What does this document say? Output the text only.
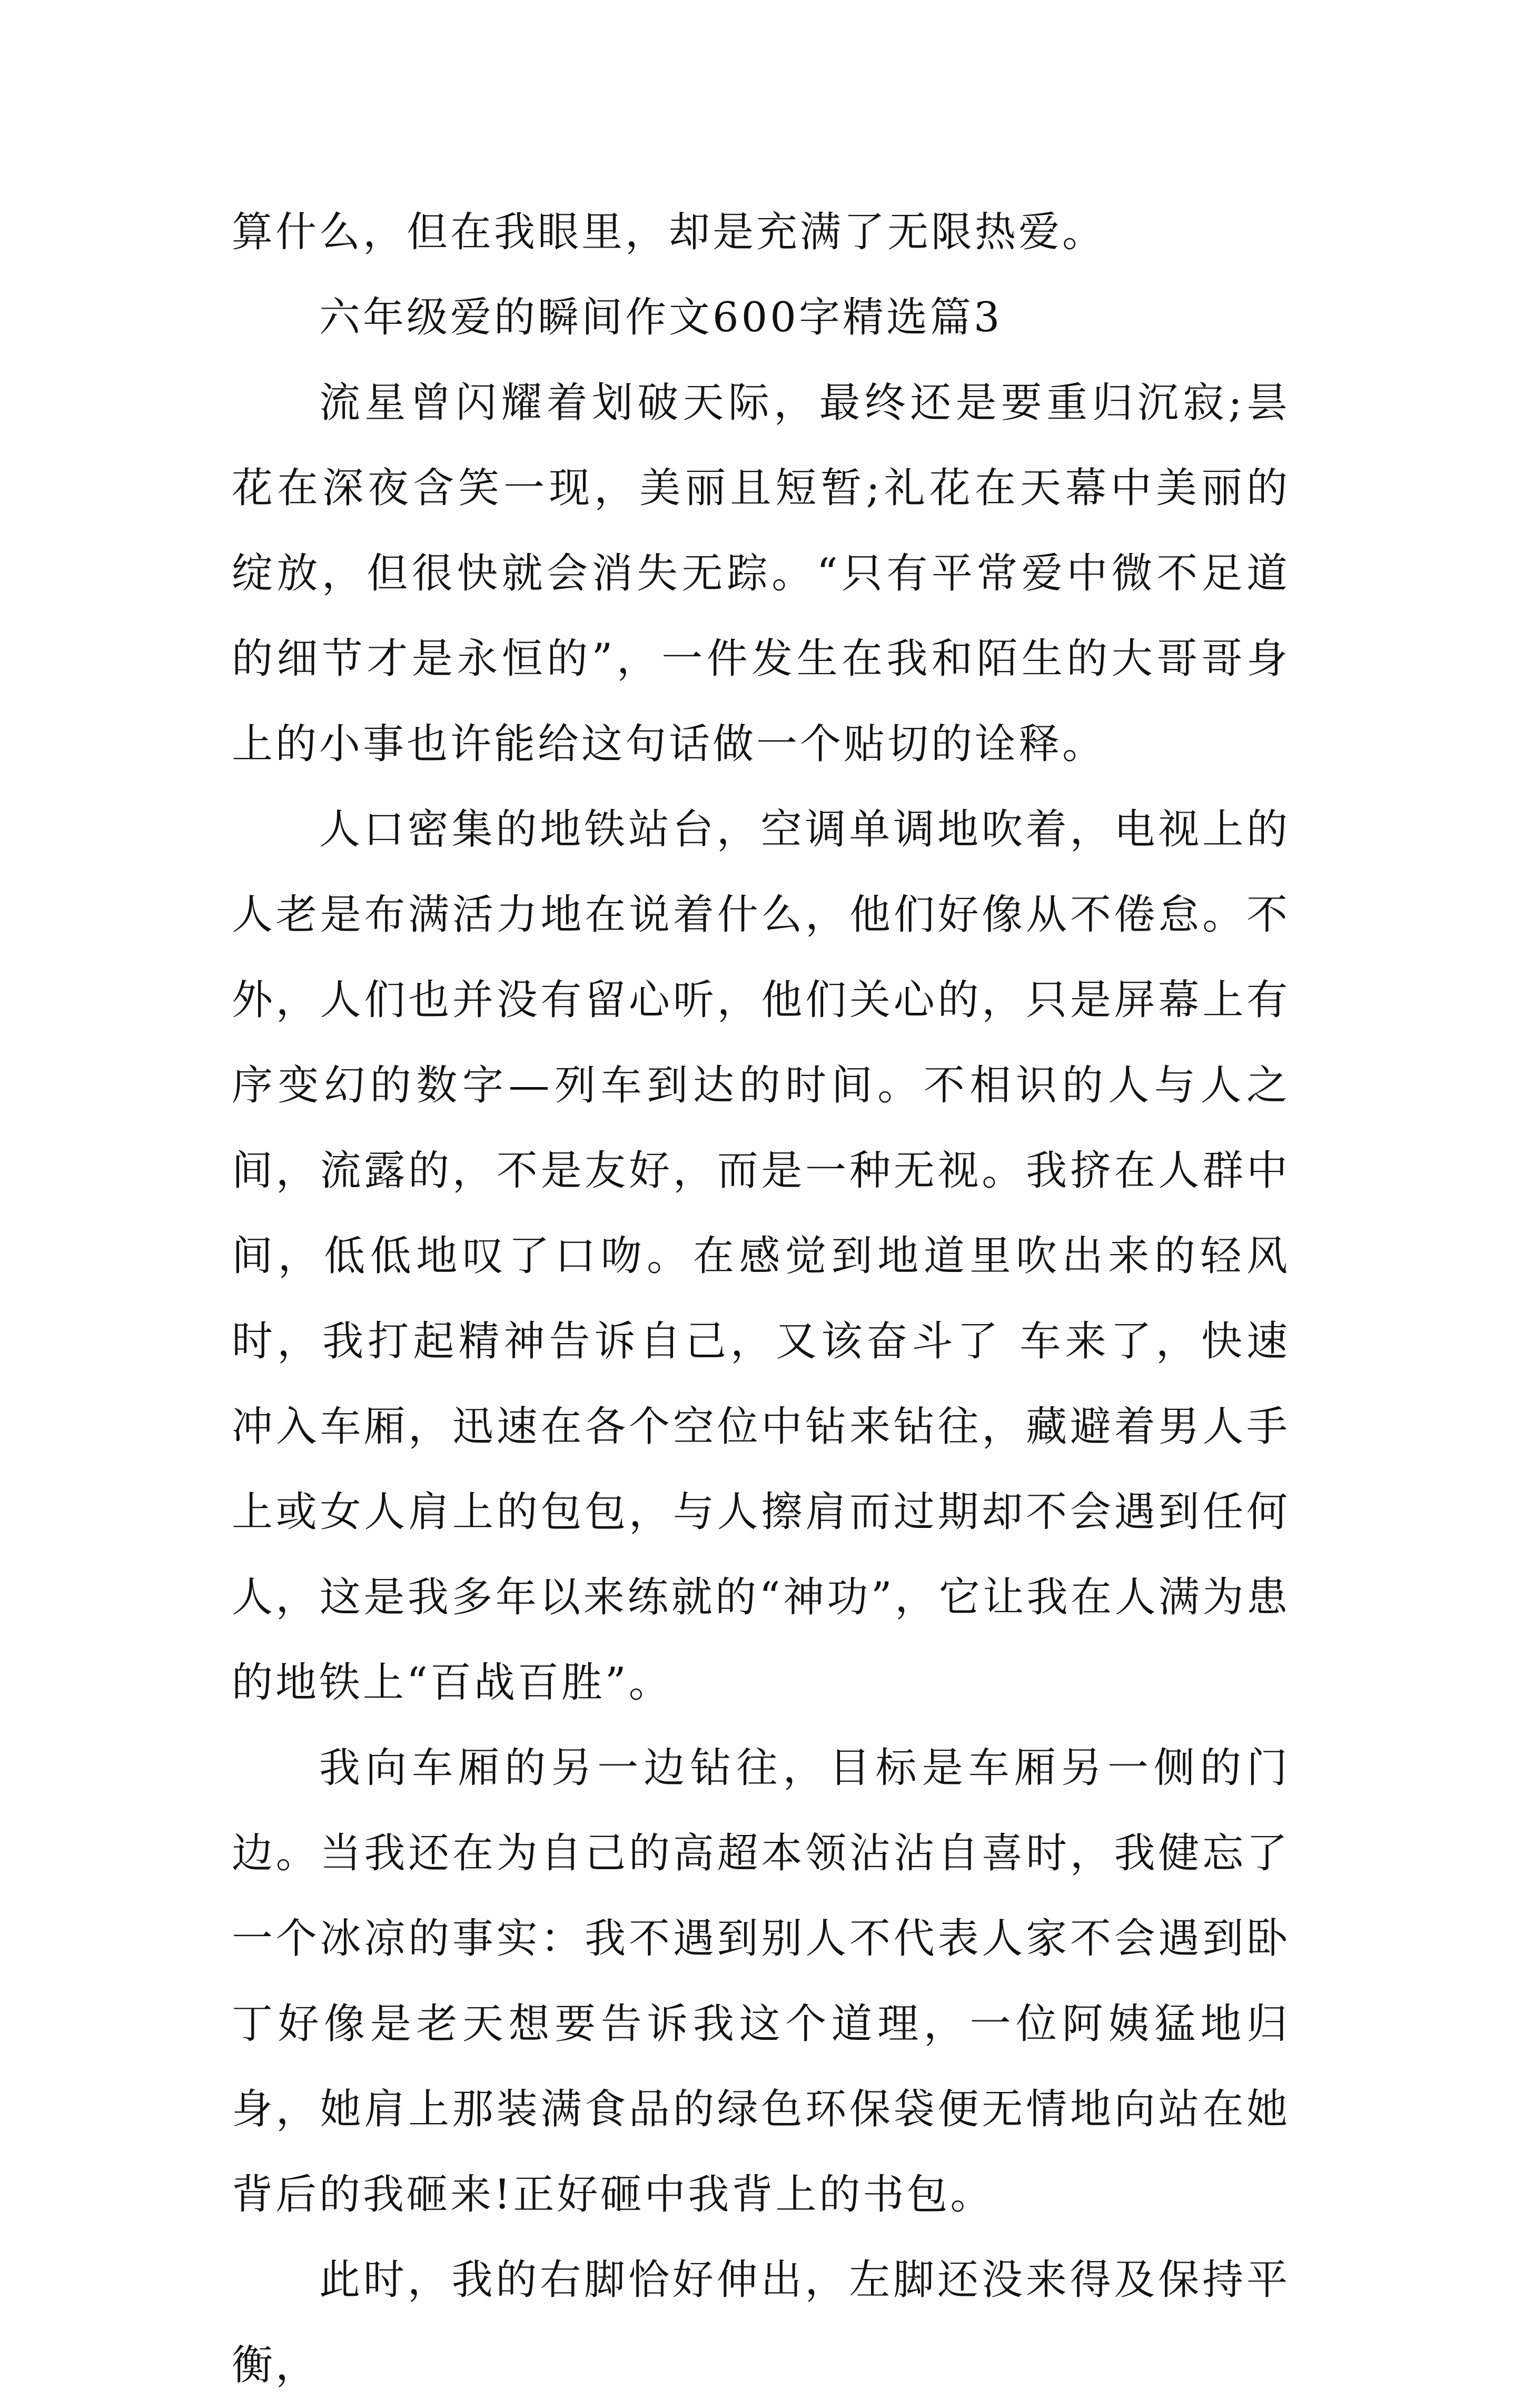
算什么，但在我眼里，却是充满了无限热爱。

六年级爱的瞬间作文600字精选篇3

流星曾闪耀着划破天际，最终还是要重归沉寂;昙花在深夜含笑一现，美丽且短暂;礼花在天幕中美丽的绽放，但很快就会消失无踪。“只有平常爱中微不足道的细节才是永恒的”，一件发生在我和陌生的大哥哥身上的小事也许能给这句话做一个贴切的诠释。

人口密集的地铁站台，空调单调地吹着，电视上的人老是布满活力地在说着什么，他们好像从不倦怠。不外，人们也并没有留心听，他们关心的，只是屏幕上有序变幻的数字—列车到达的时间。不相识的人与人之间，流露的，不是友好，而是一种无视。我挤在人群中间，低低地叹了口吻。在感觉到地道里吹出来的轻风时，我打起精神告诉自己，又该奋斗了 车来了，快速冲入车厢，迅速在各个空位中钻来钻往，藏避着男人手上或女人肩上的包包，与人擦肩而过期却不会遇到任何人，这是我多年以来练就的“神功”，它让我在人满为患的地铁上“百战百胜”。

我向车厢的另一边钻往，目标是车厢另一侧的门边。当我还在为自己的高超本领沾沾自喜时，我健忘了一个冰凉的事实：我不遇到别人不代表人家不会遇到卧丁好像是老天想要告诉我这个道理，一位阿姨猛地归身，她肩上那装满食品的绿色环保袋便无情地向站在她背后的我砸来!正好砸中我背上的书包。

此时，我的右脚恰好伸出，左脚还没来得及保持平衡，
